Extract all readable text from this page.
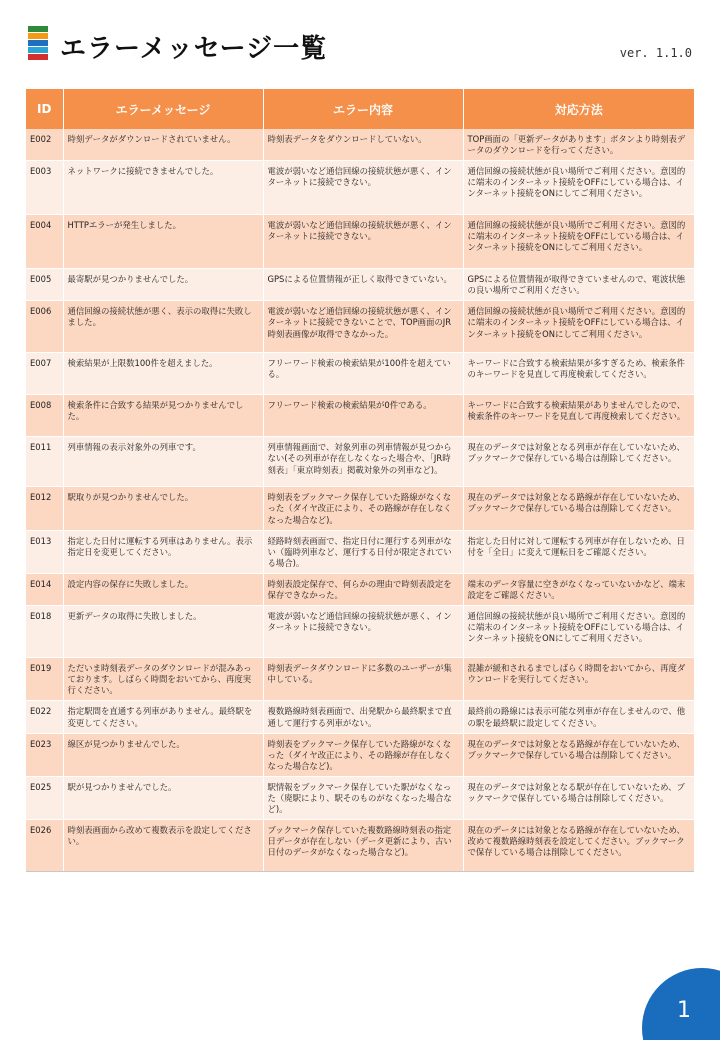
エラーメッセージ一覧	ver. 1.1.0
ID	エラーメッセージ	エラー内容	対応方法
E002	時刻データがダウンロードされていません。	時刻表データをダウンロードしていない。	TOP画面の「更新データがあります」ボタンより時刻表データのダウンロードを行ってください。
E003	ネットワークに接続できませんでした。	電波が弱いなど通信回線の接続状態が悪く、インターネットに接続できない。	通信回線の接続状態が良い場所でご利用ください。意図的に端末のインターネット接続をOFFにしている場合は、インターネット接続をONにしてご利用ください。
E004	HTTPエラーが発生しました。	電波が弱いなど通信回線の接続状態が悪く、インターネットに接続できない。	通信回線の接続状態が良い場所でご利用ください。意図的に端末のインターネット接続をOFFにしている場合は、インターネット接続をONにしてご利用ください。
E005	最寄駅が見つかりませんでした。	GPSによる位置情報が正しく取得できていない。	GPSによる位置情報が取得できていませんので、電波状態の良い場所でご利用ください。
E006	通信回線の接続状態が悪く、表示の取得に失敗しました。	電波が弱いなど通信回線の接続状態が悪く、インターネットに接続できないことで、TOP画面のJR時刻表画像が取得できなかった。	通信回線の接続状態が良い場所でご利用ください。意図的に端末のインターネット接続をOFFにしている場合は、インターネット接続をONにしてご利用ください。
E007	検索結果が上限数100件を超えました。	フリーワード検索の検索結果が100件を超えている。	キーワードに合致する検索結果が多すぎるため、検索条件のキーワードを見直して再度検索してください。
E008	検索条件に合致する結果が見つかりませんでした。	フリーワード検索の検索結果が0件である。	キーワードに合致する検索結果がありませんでしたので、検索条件のキーワードを見直して再度検索してください。
E011	列車情報の表示対象外の列車です。	列車情報画面で、対象列車の列車情報が見つからない(その列車が存在しなくなった場合や、「JR時刻表」「東京時刻表」掲載対象外の列車など)。	現在のデータでは対象となる列車が存在していないため、ブックマークで保存している場合は削除してください。
E012	駅取りが見つかりませんでした。	時刻表をブックマーク保存していた路線がなくなった（ダイヤ改正により、その路線が存在しなくなった場合など)。	現在のデータでは対象となる路線が存在していないため、ブックマークで保存している場合は削除してください。
E013	指定した日付に運転する列車はありません。表示指定日を変更してください。	経路時刻表画面で、指定日付に運行する列車がない（臨時列車など、運行する日付が限定されている場合)。	指定した日付に対して運転する列車が存在しないため、日付を「全日」に変えて運転日をご確認ください。
E014	設定内容の保存に失敗しました。	時刻表設定保存で、何らかの理由で時刻表設定を保存できなかった。	端末のデータ容量に空きがなくなっていないかなど、端末設定をご確認ください。
E018	更新データの取得に失敗しました。	電波が弱いなど通信回線の接続状態が悪く、インターネットに接続できない。	通信回線の接続状態が良い場所でご利用ください。意図的に端末のインターネット接続をOFFにしている場合は、インターネット接続をONにしてご利用ください。
E019	ただいま時刻表データのダウンロードが混みあっております。しばらく時間をおいてから、再度実行ください。	時刻表データダウンロードに多数のユーザーが集中している。	混雑が緩和されるまでしばらく時間をおいてから、再度ダウンロードを実行してください。
E022	指定駅間を直通する列車がありません。最終駅を変更してください。	複数路線時刻表画面で、出発駅から最終駅まで直通して運行する列車がない。	最終前の路線には表示可能な列車が存在しませんので、他の駅を最終駅に設定してください。
E023	線区が見つかりませんでした。	時刻表をブックマーク保存していた路線がなくなった（ダイヤ改正により、その路線が存在しなくなった場合など)。	現在のデータでは対象となる路線が存在していないため、ブックマークで保存している場合は削除してください。
E025	駅が見つかりませんでした。	駅情報をブックマーク保存していた駅がなくなった（廃駅により、駅そのものがなくなった場合など)。	現在のデータでは対象となる駅が存在していないため、ブックマークで保存している場合は削除してください。
E026	時刻表画面から改めて複数表示を設定してください。	ブックマーク保存していた複数路線時刻表の指定日データが存在しない（データ更新により、古い日付のデータがなくなった場合など)。	現在のデータには対象となる路線が存在していないため、改めて複数路線時刻表を設定してください。ブックマークで保存している場合は削除してください。
1
